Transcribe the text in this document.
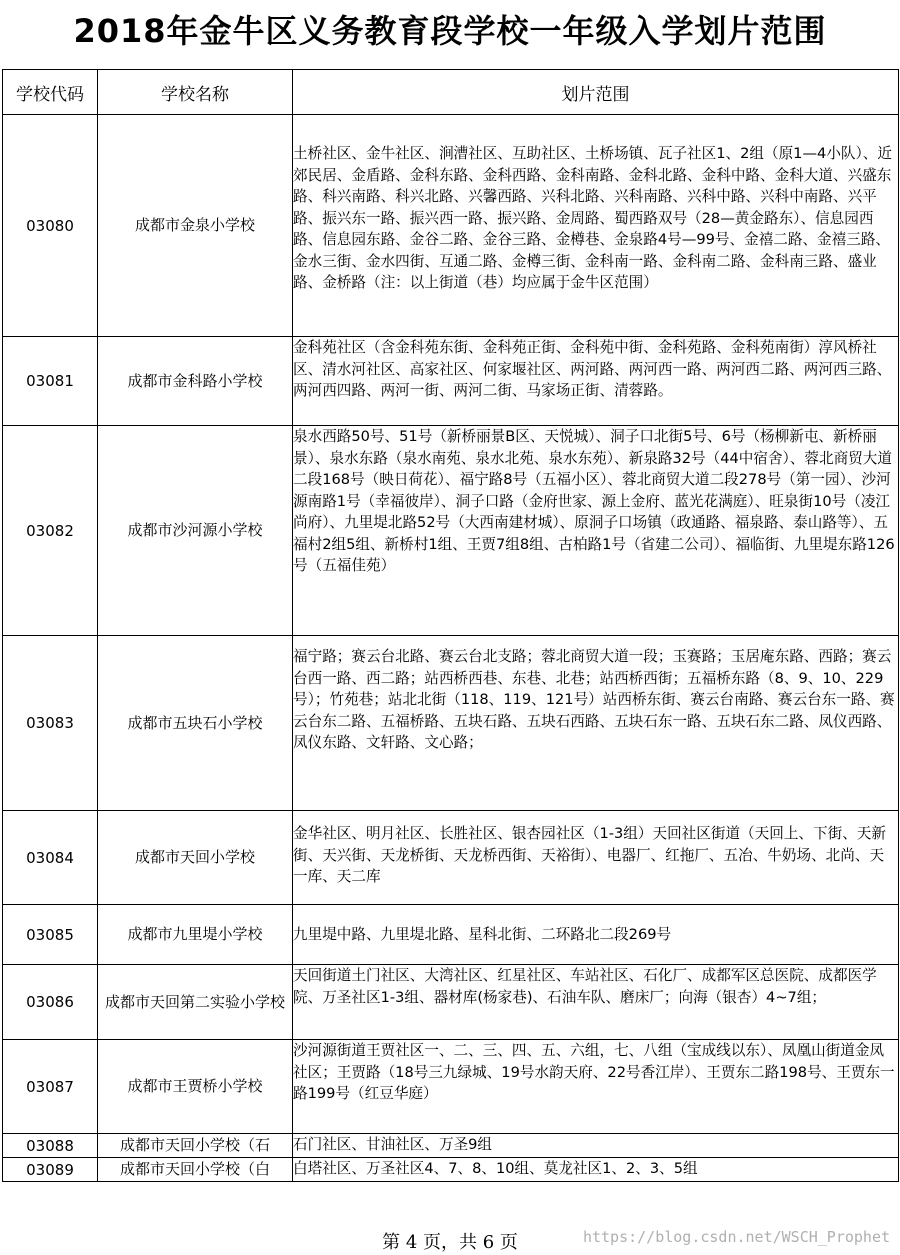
2018年金牛区义务教育段学校一年级入学划片范围
学校代码	学校名称	划片范围
03080	成都市金泉小学校	土桥社区、金牛社区、涧漕社区、互助社区、土桥场镇、瓦子社区1、2组（原1—4小队）、近郊民居、金盾路、金科东路、金科西路、金科南路、金科北路、金科中路、金科大道、兴盛东路、科兴南路、科兴北路、兴馨西路、兴科北路、兴科南路、兴科中路、兴科中南路、兴平路、振兴东一路、振兴西一路、振兴路、金周路、蜀西路双号（28—黄金路东）、信息园西路、信息园东路、金谷二路、金谷三路、金樽巷、金泉路4号—99号、金禧二路、金禧三路、金水三街、金水四街、互通二路、金樽三街、金科南一路、金科南二路、金科南三路、盛业路、金桥路（注：以上街道（巷）均应属于金牛区范围）
03081	成都市金科路小学校	金科苑社区（含金科苑东街、金科苑正街、金科苑中街、金科苑路、金科苑南街）淳风桥社区、清水河社区、高家社区、何家堰社区、两河路、两河西一路、两河西二路、两河西三路、两河西四路、两河一街、两河二街、马家场正街、清蓉路。
03082	成都市沙河源小学校	泉水西路50号、51号（新桥丽景B区、天悦城）、洞子口北街5号、6号（杨柳新屯、新桥丽景）、泉水东路（泉水南苑、泉水北苑、泉水东苑）、新泉路32号（44中宿舍）、蓉北商贸大道二段168号（映日荷花）、福宁路8号（五福小区）、蓉北商贸大道二段278号（第一园）、沙河源南路1号（幸福彼岸）、洞子口路（金府世家、源上金府、蓝光花满庭）、旺泉街10号（凌江尚府）、九里堤北路52号（大西南建材城）、原洞子口场镇（政通路、福泉路、泰山路等）、五福村2组5组、新桥村1组、王贾7组8组、古柏路1号（省建二公司）、福临街、九里堤东路126号（五福佳苑）
03083	成都市五块石小学校	福宁路；赛云台北路、赛云台北支路；蓉北商贸大道一段；玉赛路；玉居庵东路、西路；赛云台西一路、西二路；站西桥西巷、东巷、北巷；站西桥西街；五福桥东路（8、9、10、229号）；竹苑巷；站北北街（118、119、121号）站西桥东街、赛云台南路、赛云台东一路、赛云台东二路、五福桥路、五块石路、五块石西路、五块石东一路、五块石东二路、凤仪西路、凤仪东路、文轩路、文心路；
03084	成都市天回小学校	金华社区、明月社区、长胜社区、银杏园社区（1-3组）天回社区街道（天回上、下街、天新街、天兴街、天龙桥街、天龙桥西街、天裕街）、电器厂、红拖厂、五冶、牛奶场、北尚、天一库、天二库
03085	成都市九里堤小学校	九里堤中路、九里堤北路、星科北街、二环路北二段269号
03086	成都市天回第二实验小学校	天回街道土门社区、大湾社区、红星社区、车站社区、石化厂、成都军区总医院、成都医学院、万圣社区1-3组、器材库(杨家巷)、石油车队、磨床厂；向海（银杏）4~7组；
03087	成都市王贾桥小学校	沙河源街道王贾社区一、二、三、四、五、六组，七、八组（宝成线以东）、凤凰山街道金凤社区；王贾路（18号三九绿城、19号水韵天府、22号香江岸）、王贾东二路198号、王贾东一路199号（红豆华庭）
03088	成都市天回小学校（石	石门社区、甘油社区、万圣9组
03089	成都市天回小学校（白	白塔社区、万圣社区4、7、8、10组、莫龙社区1、2、3、5组
第 4 页，共 6 页	https://blog.csdn.net/WSCH_Prophet
